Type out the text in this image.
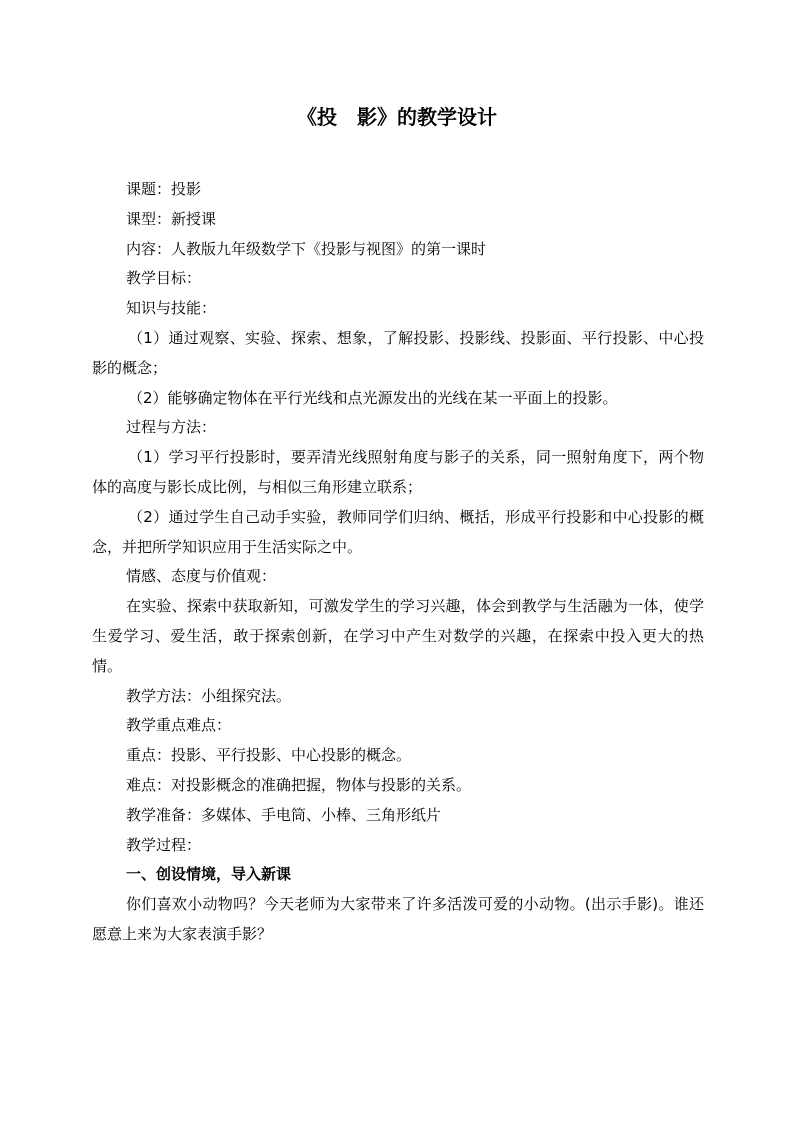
《投　影》的教学设计

课题：投影

课型：新授课

内容：人教版九年级数学下《投影与视图》的第一课时

教学目标：

知识与技能：

（1）通过观察、实验、探索、想象，了解投影、投影线、投影面、平行投影、中心投影的概念；

（2）能够确定物体在平行光线和点光源发出的光线在某一平面上的投影。

过程与方法：

（1）学习平行投影时，要弄清光线照射角度与影子的关系，同一照射角度下，两个物体的高度与影长成比例，与相似三角形建立联系；

（2）通过学生自己动手实验，教师同学们归纳、概括，形成平行投影和中心投影的概念，并把所学知识应用于生活实际之中。

情感、态度与价值观：

在实验、探索中获取新知，可激发学生的学习兴趣，体会到教学与生活融为一体，使学生爱学习、爱生活，敢于探索创新，在学习中产生对数学的兴趣，在探索中投入更大的热情。

教学方法：小组探究法。

教学重点难点：

重点：投影、平行投影、中心投影的概念。

难点：对投影概念的准确把握，物体与投影的关系。

教学准备：多媒体、手电筒、小棒、三角形纸片

教学过程：

一、创设情境，导入新课

你们喜欢小动物吗？今天老师为大家带来了许多活泼可爱的小动物。(出示手影)。谁还愿意上来为大家表演手影？
